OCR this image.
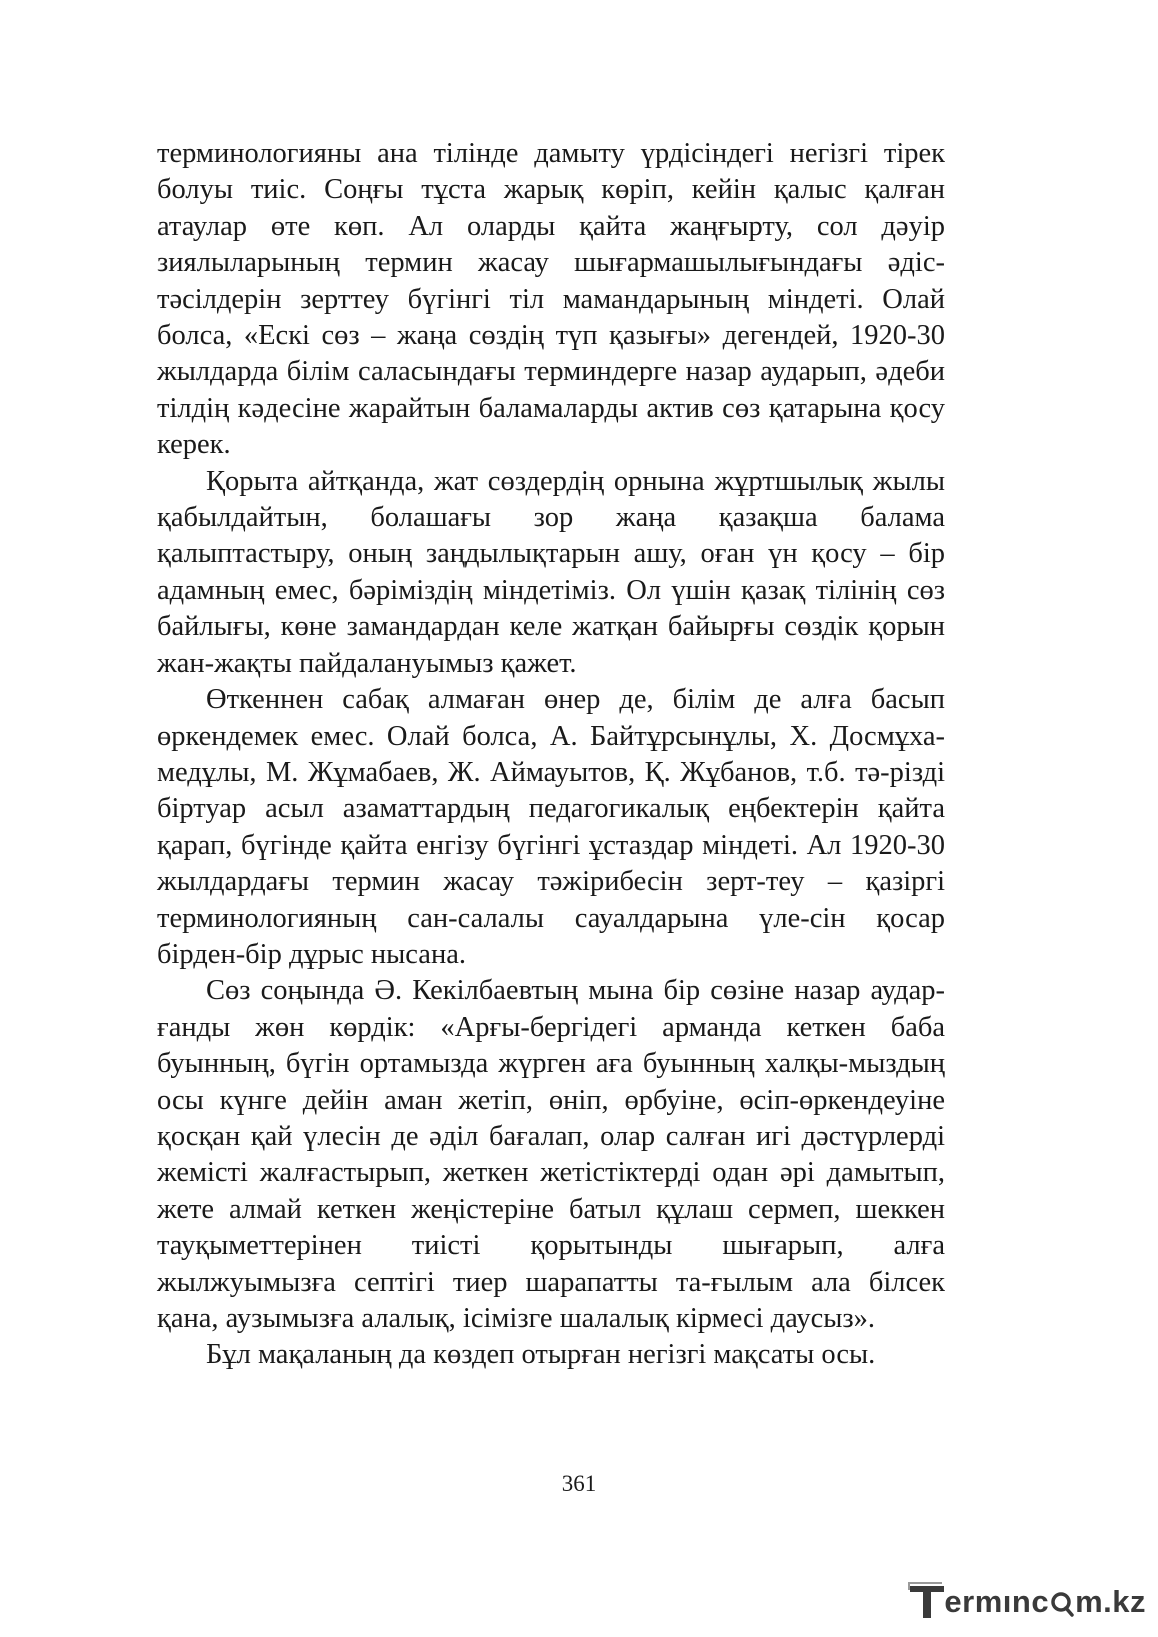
терминологияны ана тілінде дамыту үрдісіндегі негізгі тірек болуы тиіс. Соңғы тұста жарық көріп, кейін қалыс қалған атаулар өте көп. Ал оларды қайта жаңғырту, сол дәуір зиялыларының термин жасау шығармашылығындағы әдіс-тәсілдерін зерттеу бүгінгі тіл мамандарының міндеті. Олай болса, «Ескі сөз – жаңа сөздің түп қазығы» дегендей, 1920-30 жылдарда білім саласындағы терминдерге назар аударып, әдеби тілдің кәдесіне жарайтын баламаларды актив сөз қатарына қосу керек.

Қорыта айтқанда, жат сөздердің орнына жұртшылық жылы қабылдайтын, болашағы зор жаңа қазақша балама қалыптастыру, оның заңдылықтарын ашу, оған үн қосу – бір адамның емес, бәріміздің міндетіміз. Ол үшін қазақ тілінің сөз байлығы, көне замандардан келе жатқан байырғы сөздік қорын жан-жақты пайдалануымыз қажет.

Өткеннен сабақ алмаған өнер де, білім де алға басып өркендемек емес. Олай болса, А. Байтұрсынұлы, Х. Досмұха-медұлы, М. Жұмабаев, Ж. Аймауытов, Қ. Жұбанов, т.б. тә-різді біртуар асыл азаматтардың педагогикалық еңбектерін қайта қарап, бүгінде қайта енгізу бүгінгі ұстаздар міндеті. Ал 1920-30 жылдардағы термин жасау тәжірибесін зерт-теу – қазіргі терминологияның сан-салалы сауалдарына үле-сін қосар бірден-бір дұрыс нысана.

Сөз соңында Ә. Кекілбаевтың мына бір сөзіне назар аудар-ғанды жөн көрдік: «Арғы-бергідегі арманда кеткен баба буынның, бүгін ортамызда жүрген аға буынның халқы-мыздың осы күнге дейін аман жетіп, өніп, өрбуіне, өсіп-өркендеуіне қосқан қай үлесін де әділ бағалап, олар салған игі дәстүрлерді жемісті жалғастырып, жеткен жетістіктерді одан әрі дамытып, жете алмай кеткен жеңістеріне батыл құлаш сермеп, шеккен тауқыметтерінен тиісті қорытынды шығарып, алға жылжуымызға септігі тиер шарапатты та-ғылым ала білсек қана, аузымызға алалық, ісімізге шалалық кірмесі даусыз».

Бұл мақаланың да көздеп отырған негізгі мақсаты осы.

361
ermınc m.kz
